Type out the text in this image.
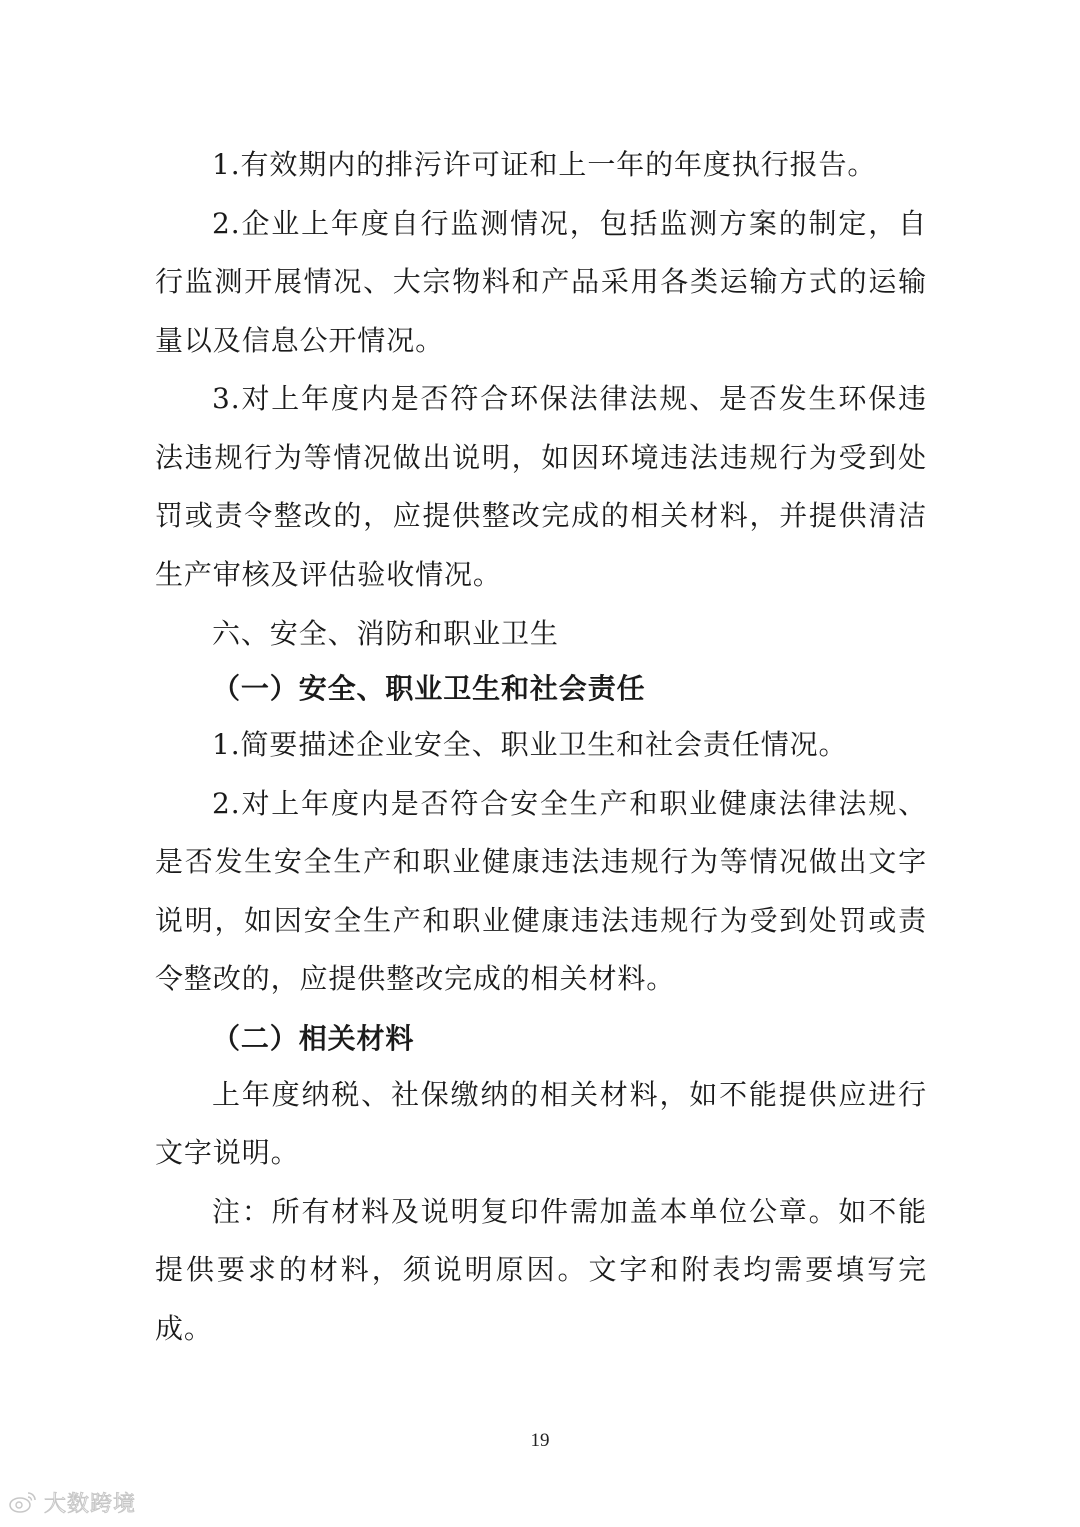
1.有效期内的排污许可证和上一年的年度执行报告。

2.企业上年度自行监测情况，包括监测方案的制定，自行监测开展情况、大宗物料和产品采用各类运输方式的运输量以及信息公开情况。

3.对上年度内是否符合环保法律法规、是否发生环保违法违规行为等情况做出说明，如因环境违法违规行为受到处罚或责令整改的，应提供整改完成的相关材料，并提供清洁生产审核及评估验收情况。

六、安全、消防和职业卫生

（一）安全、职业卫生和社会责任

1.简要描述企业安全、职业卫生和社会责任情况。

2.对上年度内是否符合安全生产和职业健康法律法规、是否发生安全生产和职业健康违法违规行为等情况做出文字说明，如因安全生产和职业健康违法违规行为受到处罚或责令整改的，应提供整改完成的相关材料。

（二）相关材料

上年度纳税、社保缴纳的相关材料，如不能提供应进行文字说明。

注：所有材料及说明复印件需加盖本单位公章。如不能提供要求的材料，须说明原因。文字和附表均需要填写完成。

19
大数跨境
